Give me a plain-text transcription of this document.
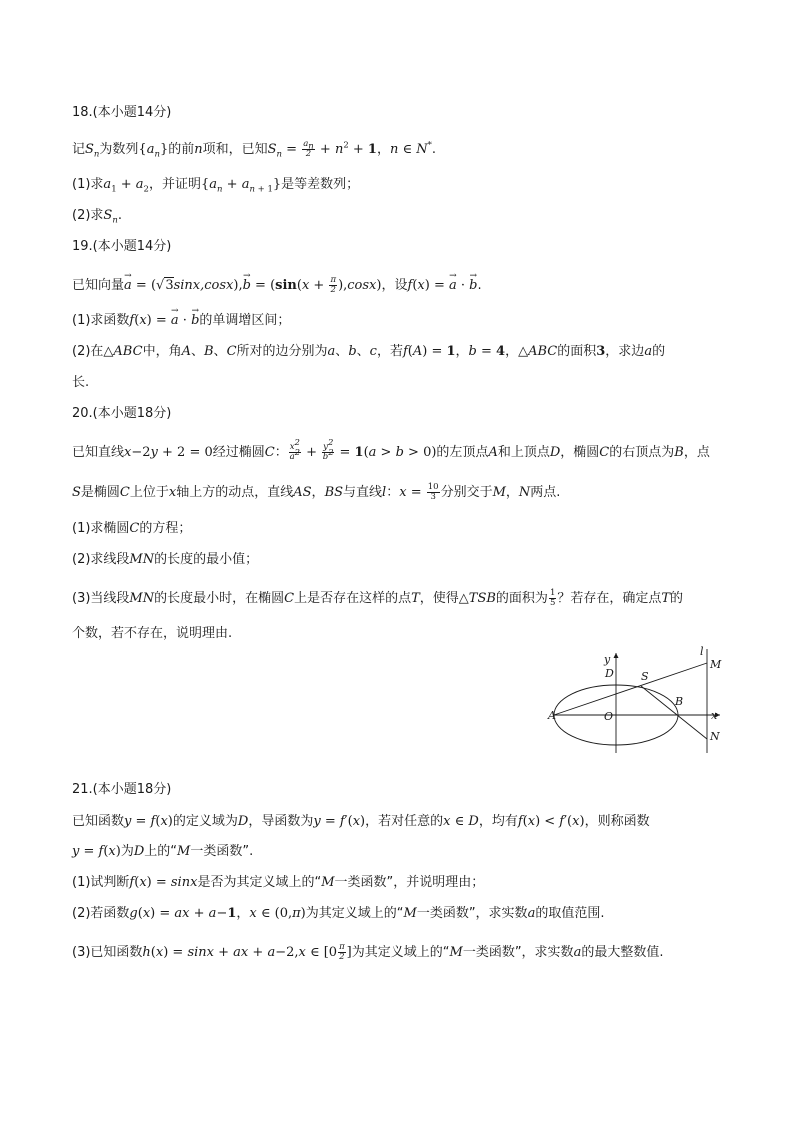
18.(本小题14分)
记$S_n$为数列$\{a_n\}$的前n项和，已知$S_n = \frac{a_n}{2} + n^2 + 1$，n ∈ N*.
(1)求$a_1 + a_2$，并证明$\{a_n + a_{n + 1}\}$是等差数列；
(2)求$S_n$.
19.(本小题14分)
已知向量→ $a = (√3\sin x,\cos x),\to b = (\sin(x + \frac{\pi}{2} ),\cos x)$，设f(x) = → a · → b.
(1)求函数f(x) = → a · → b的单调增区间；
(2)在△ABC中，角A、B、C所对的边分别为a、b、c，若f(A) = 1，b = 4，△ABC的面积3，求边a的
长.
20.(本小题18分)
已知直线x−2y + 2 = 0经过椭圆C： $\frac{x^2}{a^2} + \frac{y^2}{b^2} = 1(a > b > 0)$的左顶点A和上顶点D，椭圆C的右顶点为B，点
S是椭圆C上位于x轴上方的动点，直线AS，BS与直线l：$x = \frac{10}{3}$ 分别交于M，N两点.
(1)求椭圆C的方程；
(2)求线段MN的长度的最小值；
(3)当线段MN的长度最小时，在椭圆C上是否存在这样的点T，使得△TSB的面积为 $\frac{1}{5}$ ？若存在，确定点T的
个数，若不存在，说明理由.
y
l
M
D S
B
A	O	x
N
21.(本小题18分)
已知函数y = f(x)的定义域为D，导函数为y = f′(x)，若对任意的x ∈ D，均有f(x) < f′(x)，则称函数
y = f(x)为D上的“M一类函数”.
(1)试判断f(x) = sinx是否为其定义域上的“M一类函数”，并说明理由；
(2)若函数g(x) = ax + a−1，x ∈ (0,π)为其定义域上的“M一类函数”，求实数a的取值范围.
(3)已知函数h(x) = sinx + ax + a−2,x ∈ [$0 \frac{\pi}{2}$ ]为其定义域上的“M一类函数”，求实数a的最大整数值.
